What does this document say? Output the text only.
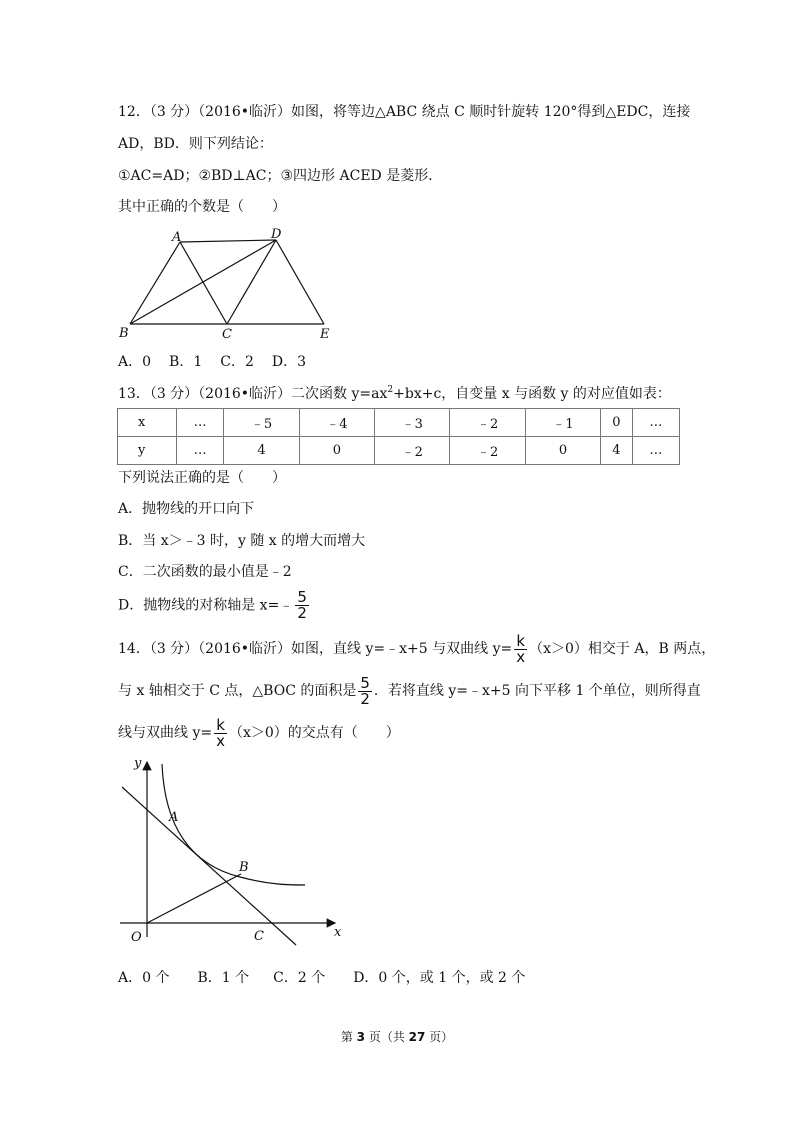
12．（3 分）（2016•临沂）如图，将等边△ABC 绕点 C 顺时针旋转 120°得到△EDC，连接
AD，BD．则下列结论：
①AC=AD；②BD⊥AC；③四边形 ACED 是菱形．
其中正确的个数是（　　）
A	D
B	C	E
A．0 B．1 C．2 D．3
13．（3 分）（2016•临沂）二次函数 $y=ax^2+bx+c$，自变量 x 与函数 y 的对应值如表：
x	…	﹣5	﹣4	﹣3	﹣2	﹣1	0	…
y	…	4	0	﹣2	﹣2	0	4	…
下列说法正确的是（　　）
A．抛物线的开口向下
B．当 x＞﹣3 时，y 随 x 的增大而增大
C．二次函数的最小值是﹣2
D．抛物线的对称轴是 x=﹣ $\frac{5}{2}$
14．（3 分）（2016•临沂）如图，直线 y=﹣x+5 与双曲线 $y= \frac{k}{x} (x>0)$相交于 A，B 两点，
与 x 轴相交于 C 点，△BOC 的面积是 $\frac{5}{2}$ ．若将直线 y=﹣x+5 向下平移 1 个单位，则所得直
线与双曲线 $y= \frac{k}{x} (x>0)$的交点有（　　）
y
x
O
A
B
C
A．0 个 B．1 个 C．2 个 D．0 个，或 1 个，或 2 个
第 3 页（共 27 页）
